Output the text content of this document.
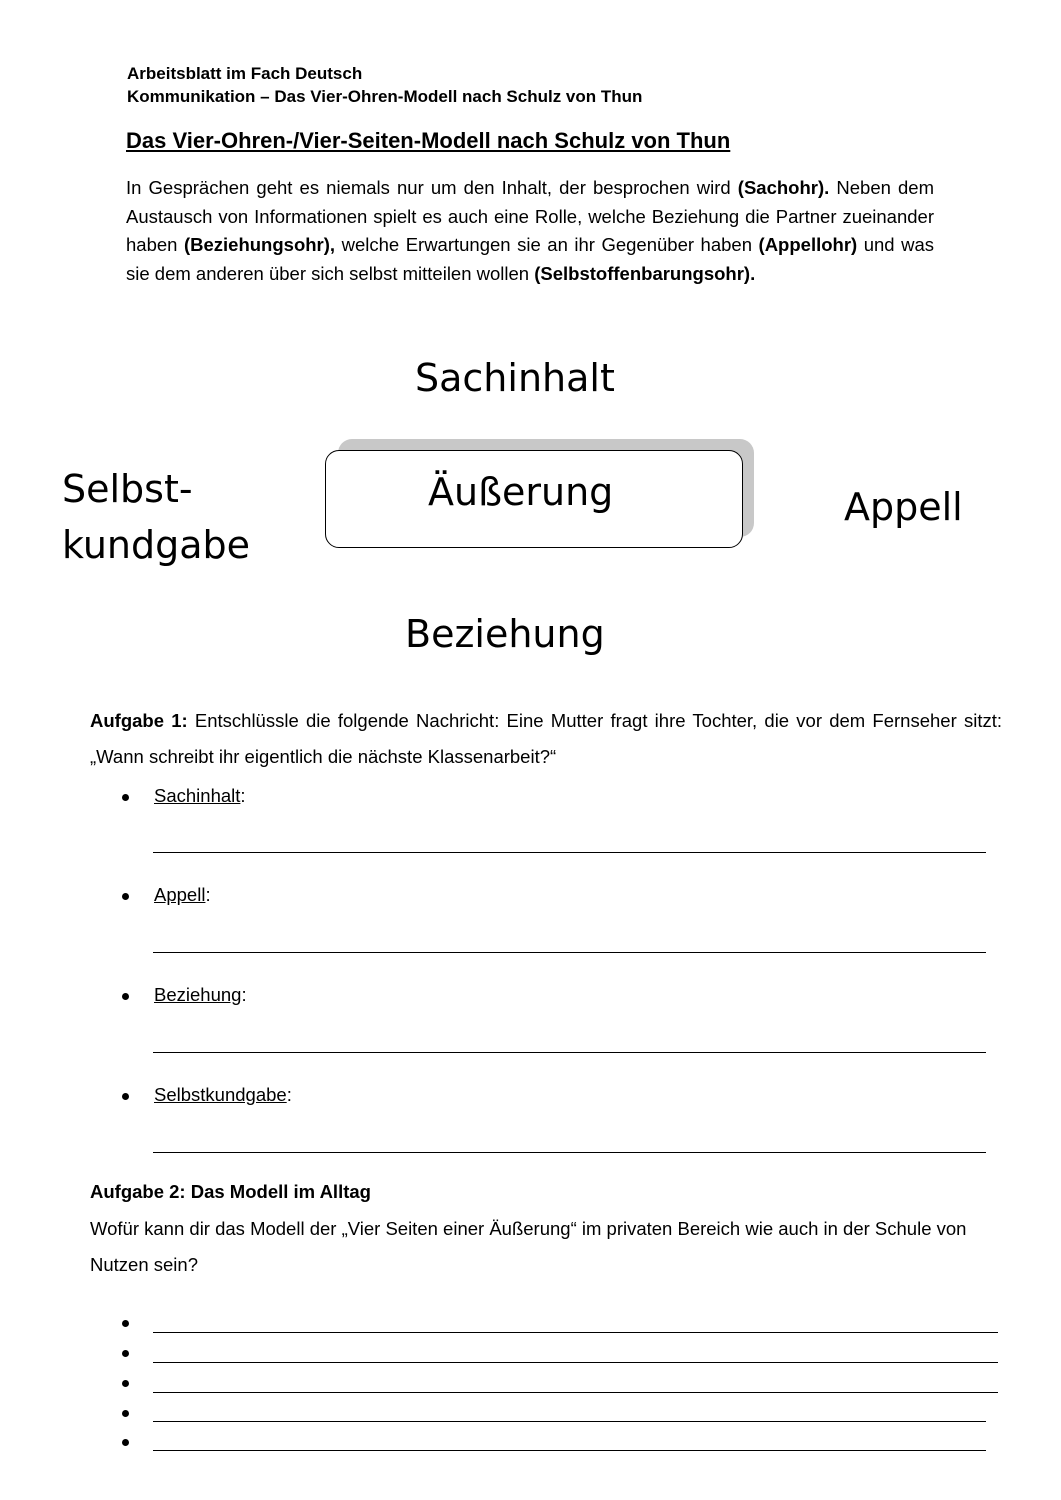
Arbeitsblatt im Fach Deutsch
Kommunikation – Das Vier-Ohren-Modell nach Schulz von Thun
Das Vier-Ohren-/Vier-Seiten-Modell nach Schulz von Thun
In Gesprächen geht es niemals nur um den Inhalt, der besprochen wird (Sachohr). Neben dem Austausch von Informationen spielt es auch eine Rolle, welche Beziehung die Partner zueinander haben (Beziehungsohr), welche Erwartungen sie an ihr Gegenüber haben (Appellohr) und was sie dem anderen über sich selbst mitteilen wollen (Selbstoffenbarungsohr).
Sachinhalt
Äußerung
Selbst-
kundgabe
Appell
Beziehung
Aufgabe 1: Entschlüssle die folgende Nachricht: Eine Mutter fragt ihre Tochter, die vor dem Fernseher sitzt: „Wann schreibt ihr eigentlich die nächste Klassenarbeit?“
Sachinhalt:
Appell:
Beziehung:
Selbstkundgabe:
Aufgabe 2: Das Modell im Alltag
Wofür kann dir das Modell der „Vier Seiten einer Äußerung“ im privaten Bereich wie auch in der Schule von Nutzen sein?
